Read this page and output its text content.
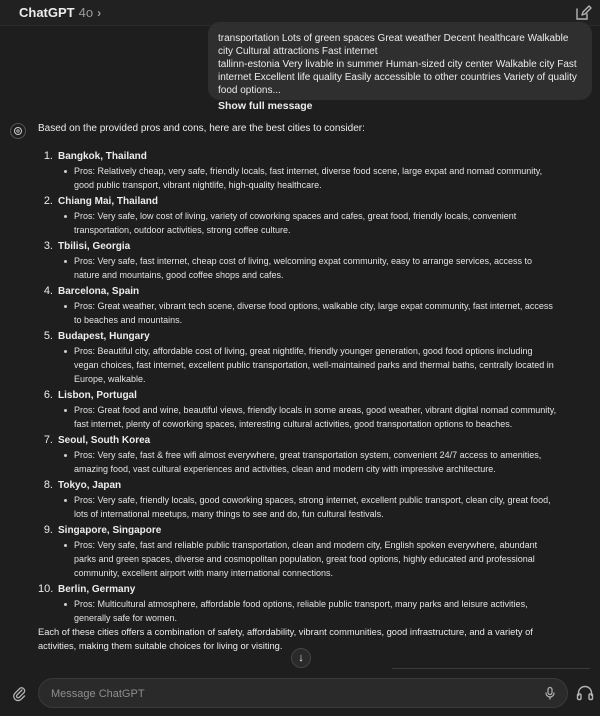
ChatGPT 4o ›
transportation Lots of green spaces Great weather Decent healthcare Walkable city Cultural attractions Fast internet
tallinn-estonia Very livable in summer Human-sized city center Walkable city Fast internet Excellent life quality Easily accessible to other countries Variety of quality food options...
Show full message
Based on the provided pros and cons, here are the best cities to consider:
1. Bangkok, Thailand
Pros: Relatively cheap, very safe, friendly locals, fast internet, diverse food scene, large expat and nomad community, good public transport, vibrant nightlife, high-quality healthcare.
2. Chiang Mai, Thailand
Pros: Very safe, low cost of living, variety of coworking spaces and cafes, great food, friendly locals, convenient transportation, outdoor activities, strong coffee culture.
3. Tbilisi, Georgia
Pros: Very safe, fast internet, cheap cost of living, welcoming expat community, easy to arrange services, access to nature and mountains, good coffee shops and cafes.
4. Barcelona, Spain
Pros: Great weather, vibrant tech scene, diverse food options, walkable city, large expat community, fast internet, access to beaches and mountains.
5. Budapest, Hungary
Pros: Beautiful city, affordable cost of living, great nightlife, friendly younger generation, good food options including vegan choices, fast internet, excellent public transportation, well-maintained parks and thermal baths, centrally located in Europe, walkable.
6. Lisbon, Portugal
Pros: Great food and wine, beautiful views, friendly locals in some areas, good weather, vibrant digital nomad community, fast internet, plenty of coworking spaces, interesting cultural activities, good transportation options to beaches.
7. Seoul, South Korea
Pros: Very safe, fast & free wifi almost everywhere, great transportation system, convenient 24/7 access to amenities, amazing food, vast cultural experiences and activities, clean and modern city with impressive architecture.
8. Tokyo, Japan
Pros: Very safe, friendly locals, good coworking spaces, strong internet, excellent public transport, clean city, great food, lots of international meetups, many things to see and do, fun cultural festivals.
9. Singapore, Singapore
Pros: Very safe, fast and reliable public transportation, clean and modern city, English spoken everywhere, abundant parks and green spaces, diverse and cosmopolitan population, great food options, highly educated and professional community, excellent airport with many international connections.
10. Berlin, Germany
Pros: Multicultural atmosphere, affordable food options, reliable public transport, many parks and leisure activities, generally safe for women.
Each of these cities offers a combination of safety, affordability, vibrant communities, good infrastructure, and a variety of activities, making them suitable choices for living or visiting.
↓
Message ChatGPT
